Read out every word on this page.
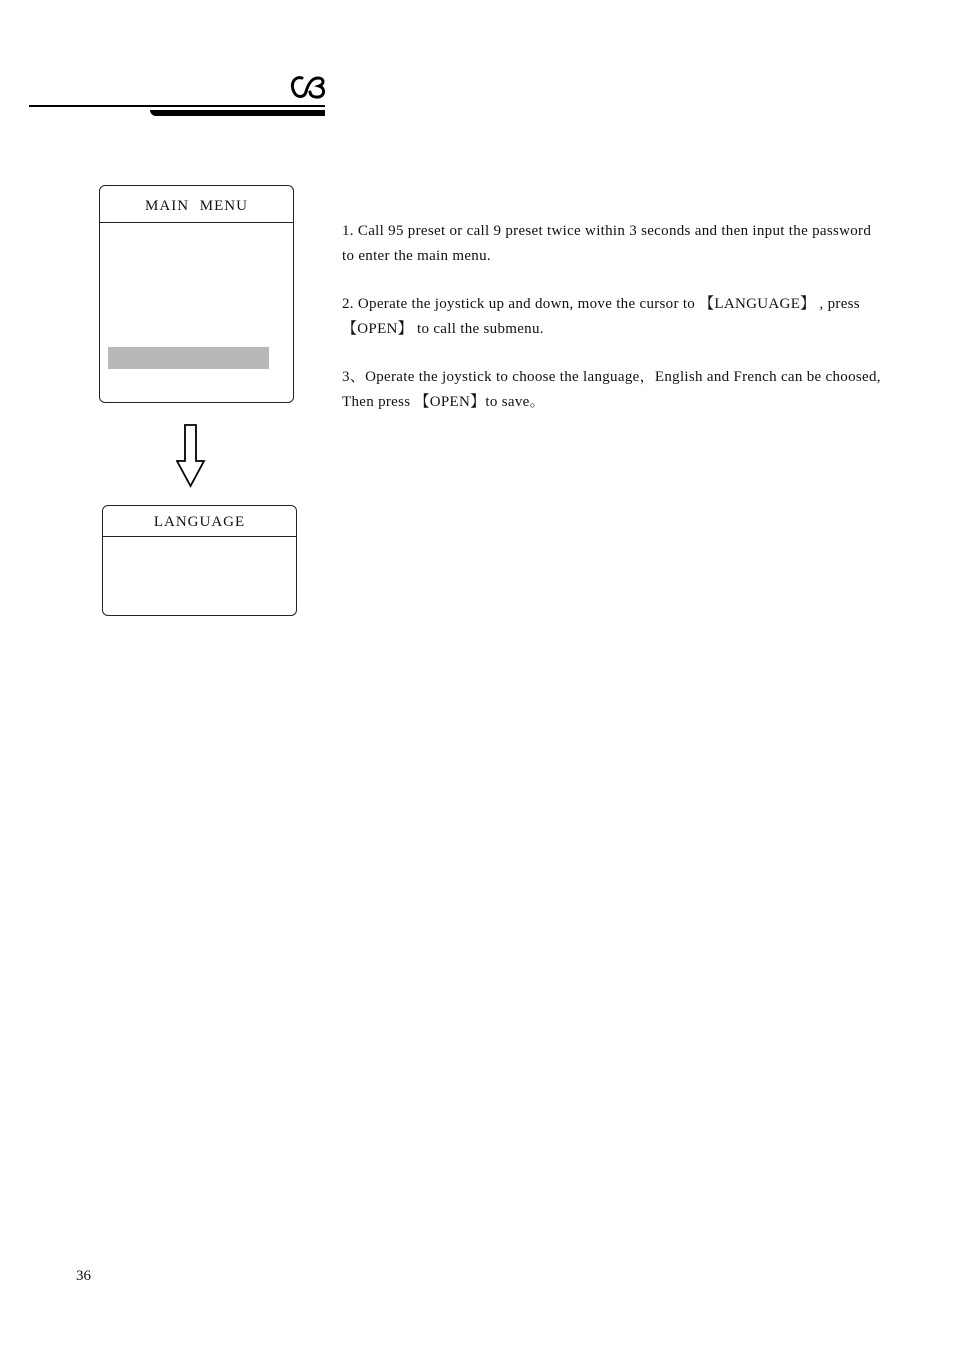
MAIN MENU
LANGUAGE

1. Call 95 preset or call 9 preset twice within 3 seconds and then input the password to enter the main menu.

2. Operate the joystick up and down, move the cursor to 【LANGUAGE】 , press 【OPEN】 to call the submenu.

3、Operate the joystick to choose the language，English and French can be choosed, Then press 【OPEN】to save。

36
